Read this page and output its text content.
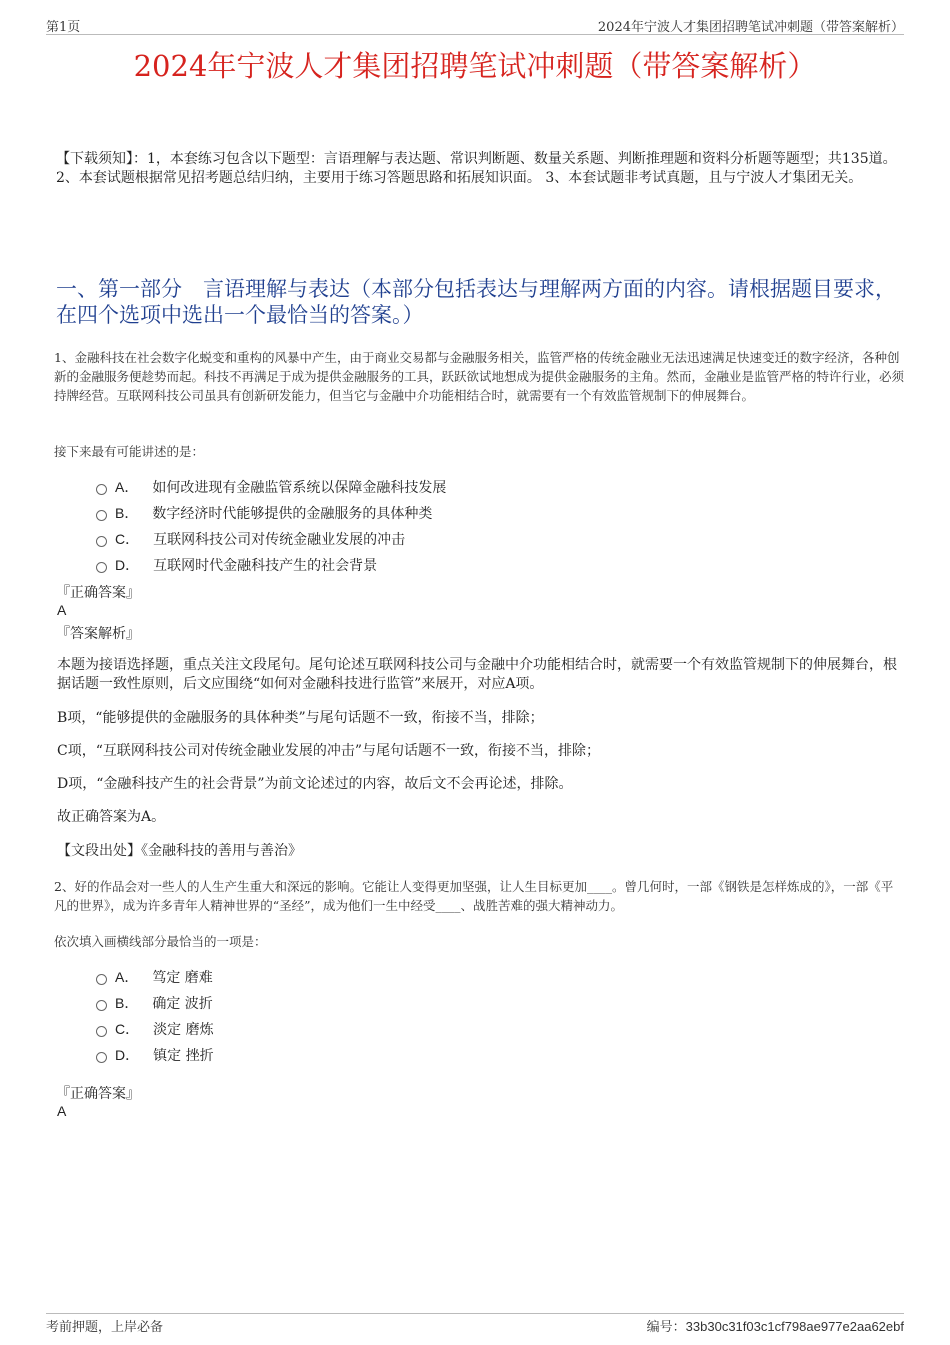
第1页	2024年宁波人才集团招聘笔试冲刺题（带答案解析）
2024年宁波人才集团招聘笔试冲刺题（带答案解析）
【下载须知】：1，本套练习包含以下题型：言语理解与表达题、常识判断题、数量关系题、判断推理题和资料分析题等题型；共135道。 2、本套试题根据常见招考题总结归纳，主要用于练习答题思路和拓展知识面。 3、本套试题非考试真题，且与宁波人才集团无关。
一、第一部分　言语理解与表达（本部分包括表达与理解两方面的内容。请根据题目要求，在四个选项中选出一个最恰当的答案。）
1、金融科技在社会数字化蜕变和重构的风暴中产生，由于商业交易都与金融服务相关，监管严格的传统金融业无法迅速满足快速变迁的数字经济，各种创新的金融服务便趁势而起。科技不再满足于成为提供金融服务的工具，跃跃欲试地想成为提供金融服务的主角。然而，金融业是监管严格的特许行业，必须持牌经营。互联网科技公司虽具有创新研发能力，但当它与金融中介功能相结合时，就需要有一个有效监管规制下的伸展舞台。
接下来最有可能讲述的是：
A． 如何改进现有金融监管系统以保障金融科技发展
B． 数字经济时代能够提供的金融服务的具体种类
C． 互联网科技公司对传统金融业发展的冲击
D． 互联网时代金融科技产生的社会背景
『正确答案』
A
『答案解析』
本题为接语选择题，重点关注文段尾句。尾句论述互联网科技公司与金融中介功能相结合时，就需要一个有效监管规制下的伸展舞台，根据话题一致性原则，后文应围绕“如何对金融科技进行监管”来展开，对应A项。
B项，“能够提供的金融服务的具体种类”与尾句话题不一致，衔接不当，排除；
C项，“互联网科技公司对传统金融业发展的冲击”与尾句话题不一致，衔接不当，排除；
D项，“金融科技产生的社会背景”为前文论述过的内容，故后文不会再论述，排除。
故正确答案为A。
【文段出处】《金融科技的善用与善治》
2、好的作品会对一些人的人生产生重大和深远的影响。它能让人变得更加坚强，让人生目标更加____。曾几何时，一部《钢铁是怎样炼成的》，一部《平凡的世界》，成为许多青年人精神世界的“圣经”，成为他们一生中经受____、战胜苦难的强大精神动力。
依次填入画横线部分最恰当的一项是：
A． 笃定 磨难
B． 确定 波折
C． 淡定 磨炼
D． 镇定 挫折
『正确答案』
A
考前押题，上岸必备	编号：33b30c31f03c1cf798ae977e2aa62ebf
